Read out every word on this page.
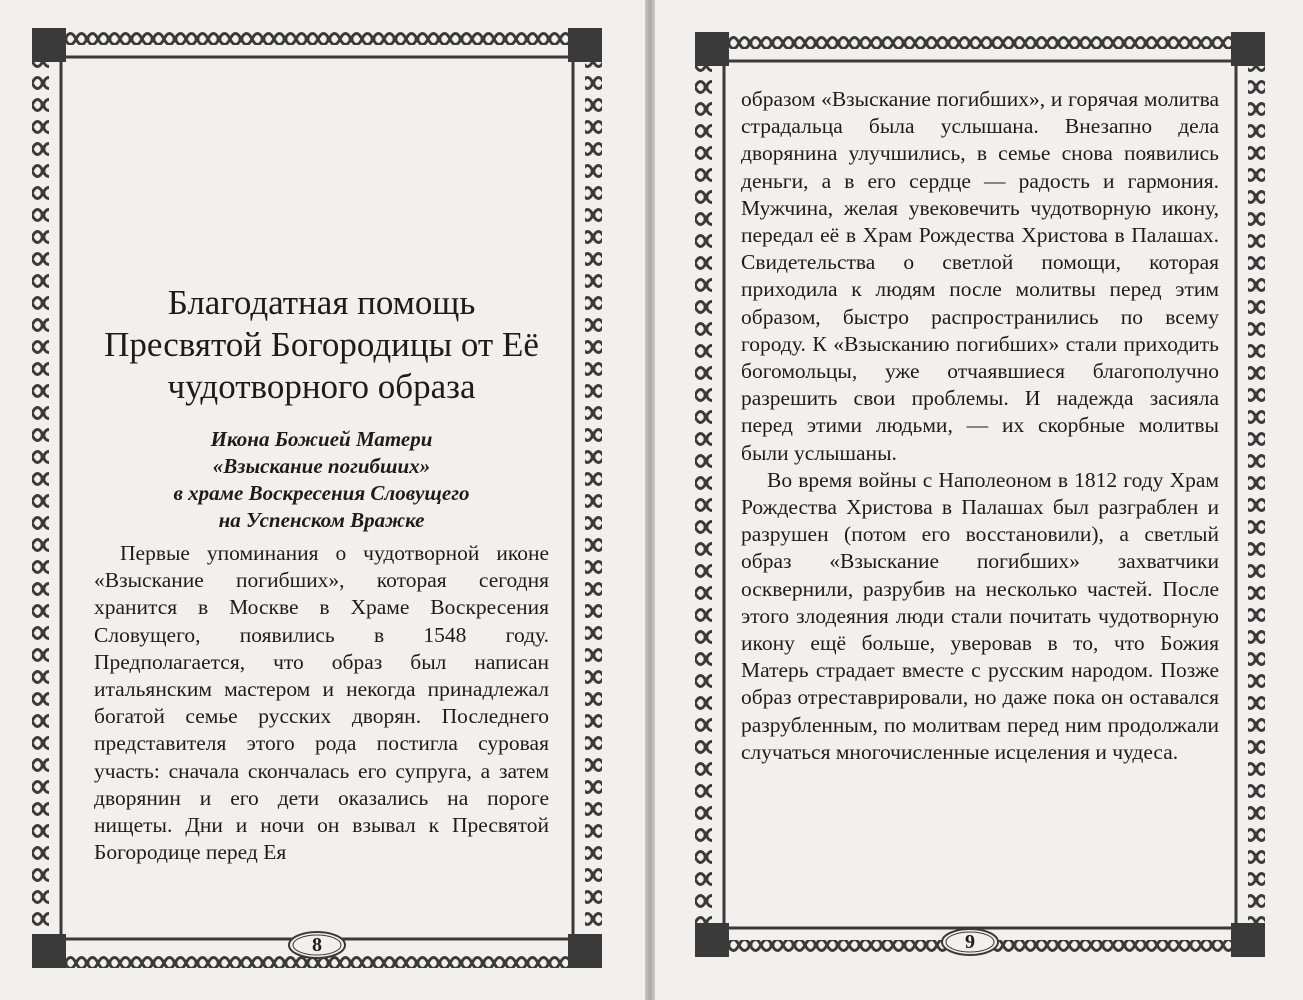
Благодатная помощь Пресвятой Богородицы от Её чудотворного образа
Икона Божией Матери
«Взыскание погибших»
в храме Воскресения Словущего
на Успенском Вражке

Первые упоминания о чудотворной иконе «Взыскание погибших», которая сегодня хранится в Москве в Храме Воскресения Словущего, появились в 1548 году. Предполагается, что образ был написан итальянским мастером и некогда принадлежал богатой семье русских дворян. Последнего представителя этого рода постигла суровая участь: сначала скончалась его супруга, а затем дворянин и его дети оказались на пороге нищеты. Дни и ночи он взывал к Пресвятой Богородице перед Ея

8

образом «Взыскание погибших», и горячая молитва страдальца была услышана. Внезапно дела дворянина улучшились, в семье снова появились деньги, а в его сердце — радость и гармония. Мужчина, желая увековечить чудотворную икону, передал её в Храм Рождества Христова в Палашах. Свидетельства о светлой помощи, которая приходила к людям после молитвы перед этим образом, быстро распространились по всему городу. К «Взысканию погибших» стали приходить богомольцы, уже отчаявшиеся благополучно разрешить свои проблемы. И надежда засияла перед этими людьми, — их скорбные молитвы были услышаны.

Во время войны с Наполеоном в 1812 году Храм Рождества Христова в Палашах был разграблен и разрушен (потом его восстановили), а светлый образ «Взыскание погибших» захватчики осквернили, разрубив на несколько частей. После этого злодеяния люди стали почитать чудотворную икону ещё больше, уверовав в то, что Божия Матерь страдает вместе с русским народом. Позже образ отреставрировали, но даже пока он оставался разрубленным, по молитвам перед ним продолжали случаться многочисленные исцеления и чудеса.

9
